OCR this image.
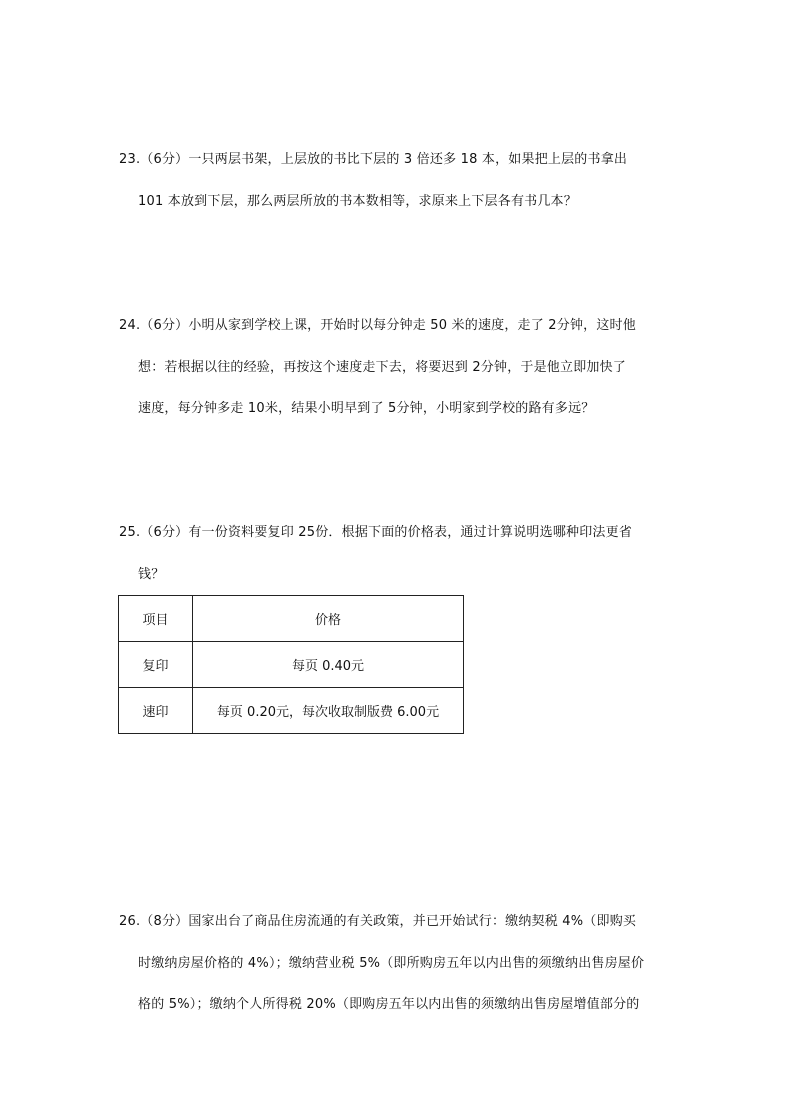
23.（6分）一只两层书架，上层放的书比下层的 3 倍还多 18 本，如果把上层的书拿出
101 本放到下层，那么两层所放的书本数相等，求原来上下层各有书几本？
24.（6分）小明从家到学校上课，开始时以每分钟走 50 米的速度，走了 2分钟，这时他
想：若根据以往的经验，再按这个速度走下去，将要迟到 2分钟，于是他立即加快了
速度，每分钟多走 10米，结果小明早到了 5分钟，小明家到学校的路有多远？
25.（6分）有一份资料要复印 25份．根据下面的价格表，通过计算说明选哪种印法更省
钱？
项目	价格
复印	每页 0.40元
速印	每页 0.20元，每次收取制版费 6.00元
26.（8分）国家出台了商品住房流通的有关政策，并已开始试行：缴纳契税 4%（即购买
时缴纳房屋价格的 4%）；缴纳营业税 5%（即所购房五年以内出售的须缴纳出售房屋价
格的 5%）；缴纳个人所得税 20%（即购房五年以内出售的须缴纳出售房屋增值部分的
